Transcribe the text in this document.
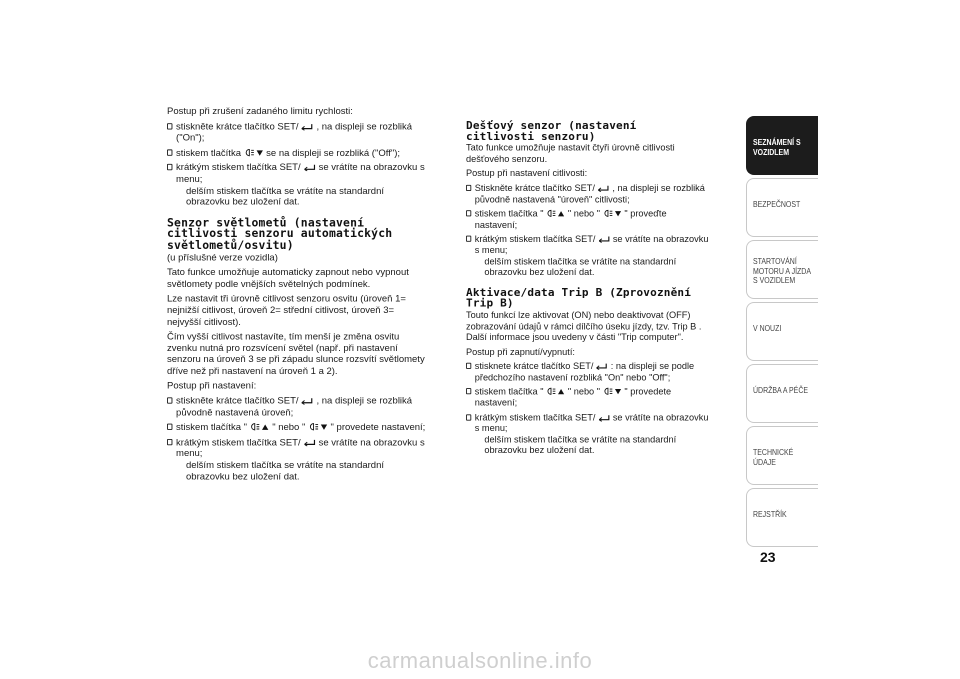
Postup při zrušení zadaného limitu rychlosti:

stiskněte krátce tlačítko SET/ , na displeji se rozbliká ("On");
stiskem tlačítka se na displeji se rozbliká ("Off");
krátkým stiskem tlačítka SET/ se vrátíte na obrazovku s menu;
delším stiskem tlačítka se vrátíte na standardní obrazovku bez uložení dat.
Senzor světlometů (nastavení citlivosti senzoru automatických světlometů/osvitu)

(u příslušné verze vozidla)

Tato funkce umožňuje automaticky zapnout nebo vypnout světlomety podle vnějších světelných podmínek.

Lze nastavit tři úrovně citlivost senzoru osvitu (úroveň 1= nejnižší citlivost, úroveň 2= střední citlivost, úroveň 3= nejvyšší citlivost).

Čím vyšší citlivost nastavíte, tím menší je změna osvitu zvenku nutná pro rozsvícení světel (např. při nastavení senzoru na úroveň 3 se při západu slunce rozsvítí světlomety dříve než při nastavení na úroveň 1 a 2).

Postup při nastavení:

stiskněte krátce tlačítko SET/ , na displeji se rozbliká původně nastavená úroveň;
stiskem tlačítka " " nebo " " provedete nastavení;
krátkým stiskem tlačítka SET/ se vrátíte na obrazovku s menu;
delším stiskem tlačítka se vrátíte na standardní obrazovku bez uložení dat.
Dešťový senzor (nastavení citlivosti senzoru)

Tato funkce umožňuje nastavit čtyři úrovně citlivosti dešťového senzoru.

Postup při nastavení citlivosti:

Stiskněte krátce tlačítko SET/ , na displeji se rozbliká původně nastavená "úroveň" citlivosti;
stiskem tlačítka " " nebo " " proveďte nastavení;
krátkým stiskem tlačítka SET/ se vrátíte na obrazovku s menu;
delším stiskem tlačítka se vrátíte na standardní obrazovku bez uložení dat.
Aktivace/data Trip B (Zprovoznění Trip B)

Touto funkcí lze aktivovat (ON) nebo deaktivovat (OFF) zobrazování údajů v rámci dílčího úseku jízdy, tzv. Trip B . Další informace jsou uvedeny v části "Trip computer".

Postup při zapnutí/vypnutí:

stisknete krátce tlačítko SET/ : na displeji se podle předchozího nastavení rozbliká "On" nebo "Off";
stiskem tlačítka " " nebo " " provedete nastavení;
krátkým stiskem tlačítka SET/ se vrátíte na obrazovku s menu;
delším stiskem tlačítka se vrátíte na standardní obrazovku bez uložení dat.
SEZNÁMENÍ S VOZIDLEM
BEZPEČNOST
STARTOVÁNÍ MOTORU A JÍZDA S VOZIDLEM
V NOUZI
ÚDRŽBA A PÉČE
TECHNICKÉ ÚDAJE
REJSTŘÍK
23
carmanualsonline.info
